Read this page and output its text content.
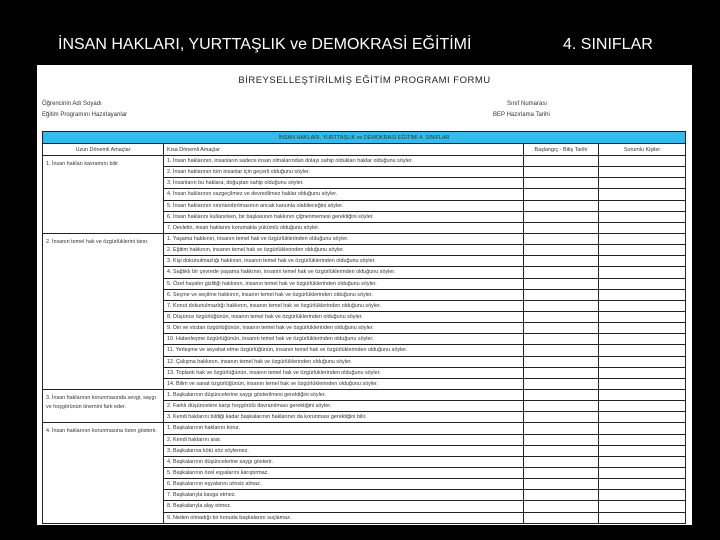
İNSAN HAKLARI, YURTTAŞLIK ve DEMOKRASİ EĞİTİMİ	4. SINIFLAR
BİREYSELLEŞTİRİLMİŞ EĞİTİM PROGRAMI FORMU
Öğrencinin Adı Soyadı
Eğitim Programını Hazırlayanlar
Sınıf Numarası
BEP Hazırlama Tarihi
İNSAN HAKLARI, YURTTAŞLIK ve DEMOKRASİ EĞİTİMİ 4. SINIFLAR			
Uzun Dönemli Amaçlar	Kısa Dönemli Amaçlar	Başlangıç - Bitiş Tarihi	Sorumlu Kişiler
1. İnsan hakları kavramını bilir.	1. İnsan haklarının, insanların sadece insan olmalarından dolayı sahip oldukları haklar olduğunu söyler.		
	2. İnsan haklarının tüm insanlar için geçerli olduğunu söyler.		
	3. İnsanların bu haklara, doğuştan sahip olduğunu söyler.		
	4. İnsan haklarının vazgeçilmez ve devredilmez haklar olduğunu söyler.		
	5. İnsan haklarının sınırlandırılmasının ancak kanunla olabileceğini söyler.		
	6. İnsan haklarını kullanırken, bir başkasının hakkının çiğnenmemesi gerektiğini söyler.		
	7. Devletin, insan haklarını korumakla yükümlü olduğunu söyler.		
2. İnsanın temel hak ve özgürlüklerini tanır.	1. Yaşama hakkının, insanın temel hak ve özgürlüklerinden olduğunu söyler.		
	2. Eğitim hakkının, insanın temel hak ve özgürlüklerinden olduğunu söyler.		
	3. Kişi dokunulmazlığı hakkının, insanın temel hak ve özgürlüklerinden olduğunu söyler.		
	4. Sağlıklı bir çevrede yaşama hakkının, insanın temel hak ve özgürlüklerinden olduğunu söyler.		
	5. Özel hayatın gizliliği hakkının, insanın temel hak ve özgürlüklerinden olduğunu söyler.		
	6. Seçme ve seçilme hakkının, insanın temel hak ve özgürlüklerinden olduğunu söyler.		
	7. Konut dokunulmazlığı hakkının, insanın temel hak ve özgürlüklerinden olduğunu söyler.		
	8. Düşünce özgürlüğünün, insanın temel hak ve özgürlüklerinden olduğunu söyler.		
	9. Din ve vicdan özgürlüğünün, insanın temel hak ve özgürlüklerinden olduğunu söyler.		
	10. Haberleşme özgürlüğünün, insanın temel hak ve özgürlüklerinden olduğunu söyler.		
	11. Yerleşme ve seyahat etme özgürlüğünün, insanın temel hak ve özgürlüklerinden olduğunu söyler.		
	12. Çalışma hakkının, insanın temel hak ve özgürlüklerinden olduğunu söyler.		
	13. Toplantı hak ve özgürlüğünün, insanın temel hak ve özgürlüklerinden olduğunu söyler.		
	14. Bilim ve sanat özgürlüğünün, insanın temel hak ve özgürlüklerinden olduğunu söyler.		
3. İnsan haklarının korunmasında sevgi, saygı ve hoşgörünün önemini fark eder.	1. Başkalarının düşüncelerine saygı gösterilmesi gerektiğini söyler.		
	2. Farklı düşüncelere karşı hoşgörülü davranılması gerektiğini söyler.		
	3. Kendi haklarını bildiği kadar başkalarının haklarının da korunması gerektiğini bilir.		
4. İnsan haklarının korunmasına özen gösterir.	1. Başkalarının haklarını korur.		
	2. Kendi haklarını arar.		
	3. Başkalarına kötü söz söylemez.		
	4. Başkalarının düşüncelerine saygı gösterir.		
	5. Başkalarının özel eşyalarını karıştırmaz.		
	6. Başkalarının eşyalarını izinsiz almaz.		
	7. Başkalarıyla kavga etmez.		
	8. Başkalarıyla alay etmez.		
	9. Neden olmadığı bir konuda başkalarını suçlamaz.		
